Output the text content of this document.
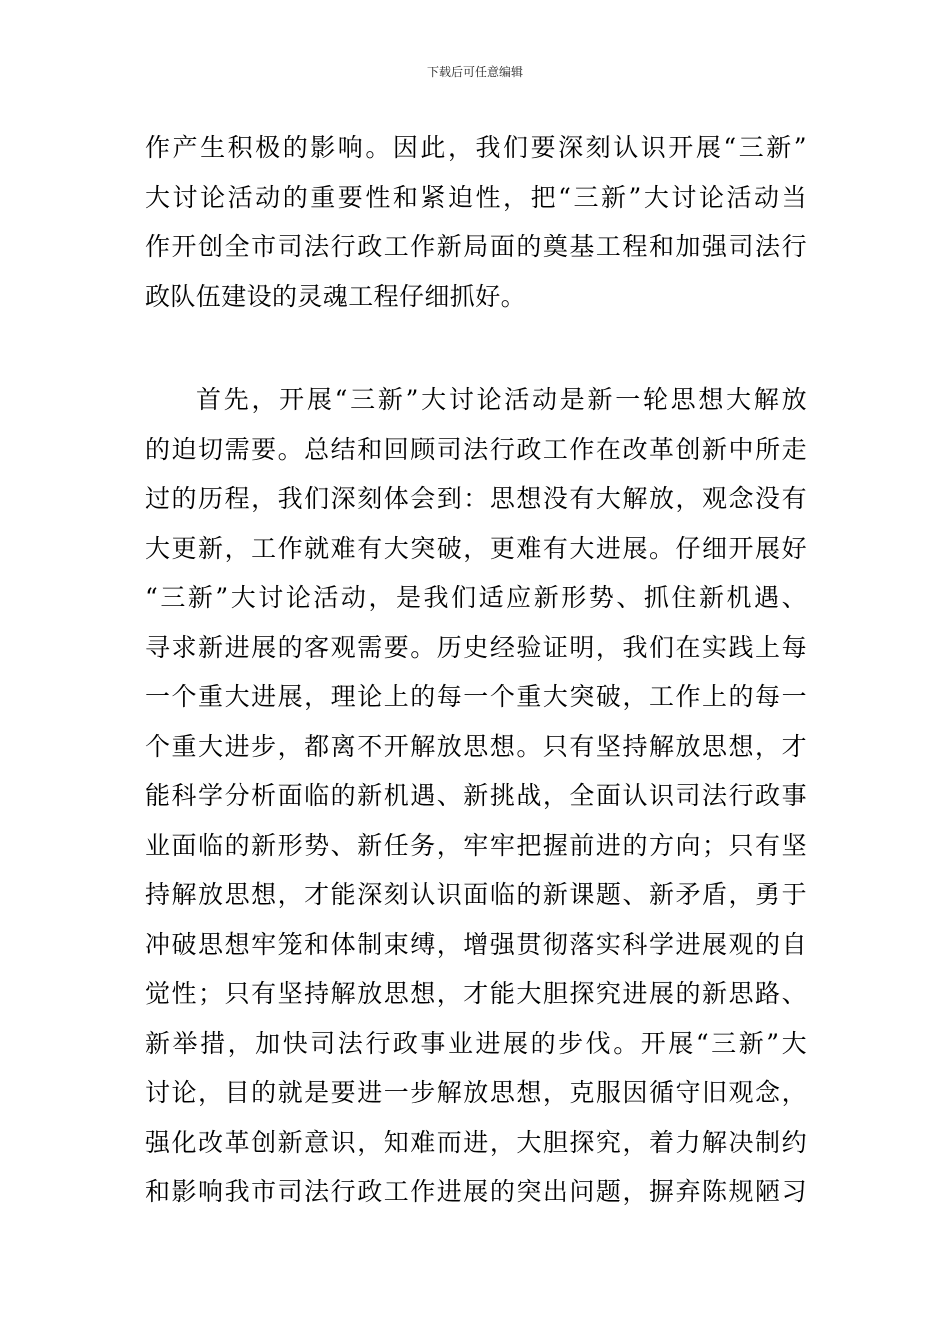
下载后可任意编辑
作产生积极的影响。因此，我们要深刻认识开展“三新”
大讨论活动的重要性和紧迫性，把“三新”大讨论活动当
作开创全市司法行政工作新局面的奠基工程和加强司法行
政队伍建设的灵魂工程仔细抓好。
首先，开展“三新”大讨论活动是新一轮思想大解放
的迫切需要。总结和回顾司法行政工作在改革创新中所走
过的历程，我们深刻体会到：思想没有大解放，观念没有
大更新，工作就难有大突破，更难有大进展。仔细开展好
“三新”大讨论活动，是我们适应新形势、抓住新机遇、
寻求新进展的客观需要。历史经验证明，我们在实践上每
一个重大进展，理论上的每一个重大突破，工作上的每一
个重大进步，都离不开解放思想。只有坚持解放思想，才
能科学分析面临的新机遇、新挑战，全面认识司法行政事
业面临的新形势、新任务，牢牢把握前进的方向；只有坚
持解放思想，才能深刻认识面临的新课题、新矛盾，勇于
冲破思想牢笼和体制束缚，增强贯彻落实科学进展观的自
觉性；只有坚持解放思想，才能大胆探究进展的新思路、
新举措，加快司法行政事业进展的步伐。开展“三新”大
讨论，目的就是要进一步解放思想，克服因循守旧观念，
强化改革创新意识，知难而进，大胆探究，着力解决制约
和影响我市司法行政工作进展的突出问题，摒弃陈规陋习
